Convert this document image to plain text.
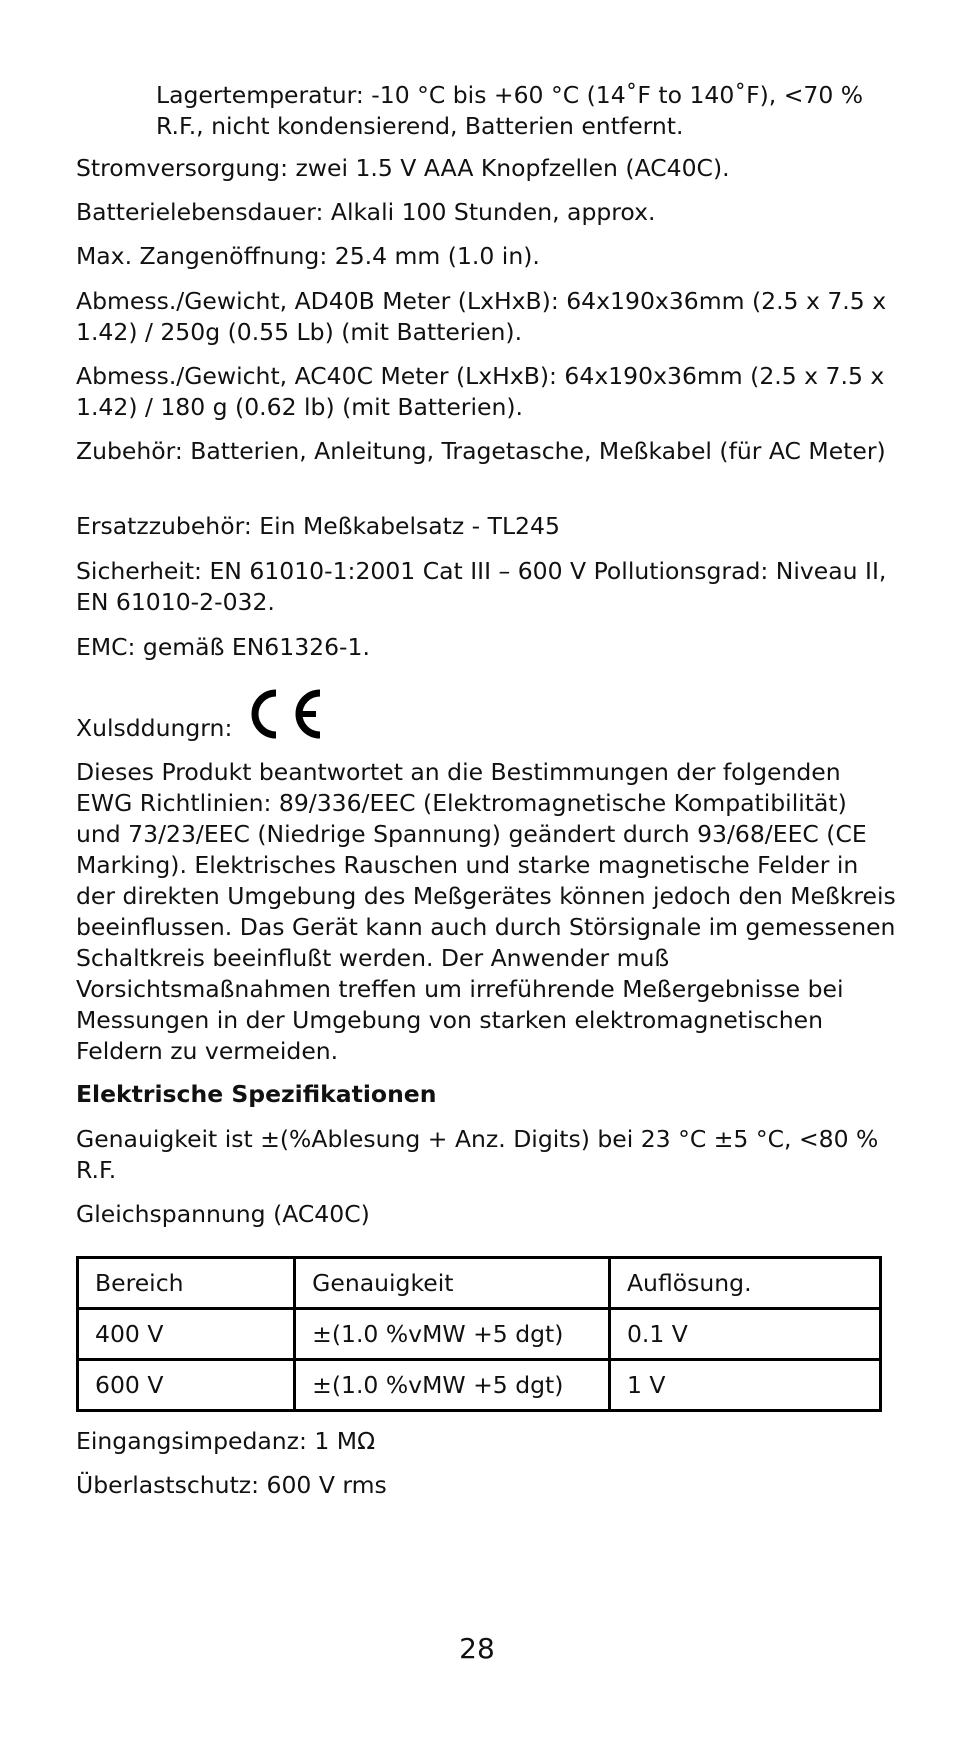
Lagertemperatur: -10 °C bis +60 °C (14˚F to 140˚F), <70 % R.F., nicht kondensierend, Batterien entfernt.

Stromversorgung: zwei 1.5 V AAA Knopfzellen (AC40C).

Batterielebensdauer: Alkali 100 Stunden, approx.

Max. Zangenöffnung: 25.4 mm (1.0 in).

Abmess./Gewicht, AD40B Meter (LxHxB): 64x190x36mm (2.5 x 7.5 x 1.42) / 250g (0.55 Lb) (mit Batterien).

Abmess./Gewicht, AC40C Meter (LxHxB): 64x190x36mm (2.5 x 7.5 x 1.42) / 180 g (0.62 lb) (mit Batterien).

Zubehör: Batterien, Anleitung, Tragetasche, Meßkabel (für AC Meter)

Ersatzzubehör: Ein Meßkabelsatz - TL245

Sicherheit: EN 61010-1:2001 Cat III – 600 V Pollutionsgrad: Niveau II, EN 61010-2-032.

EMC: gemäß EN61326-1.

Xulsddungrn:

Dieses Produkt beantwortet an die Bestimmungen der folgenden EWG Richtlinien: 89/336/EEC (Elektromagnetische Kompatibilität) und 73/23/EEC (Niedrige Spannung) geändert durch 93/68/EEC (CE Marking). Elektrisches Rauschen und starke magnetische Felder in der direkten Umgebung des Meßgerätes können jedoch den Meßkreis beeinflussen. Das Gerät kann auch durch Störsignale im gemessenen Schaltkreis beeinflußt werden. Der Anwender muß Vorsichtsmaßnahmen treffen um irreführende Meßergebnisse bei Messungen in der Umgebung von starken elektromagnetischen Feldern zu vermeiden.

Elektrische Spezifikationen

Genauigkeit ist ±(%Ablesung + Anz. Digits) bei 23 °C ±5 °C, <80 % R.F.

Gleichspannung (AC40C)

Bereich	Genauigkeit	Auflösung.
400 V	±(1.0 %vMW +5 dgt)	0.1 V
600 V	±(1.0 %vMW +5 dgt)	1 V

Eingangsimpedanz: 1 MΩ

Überlastschutz: 600 V rms

28
